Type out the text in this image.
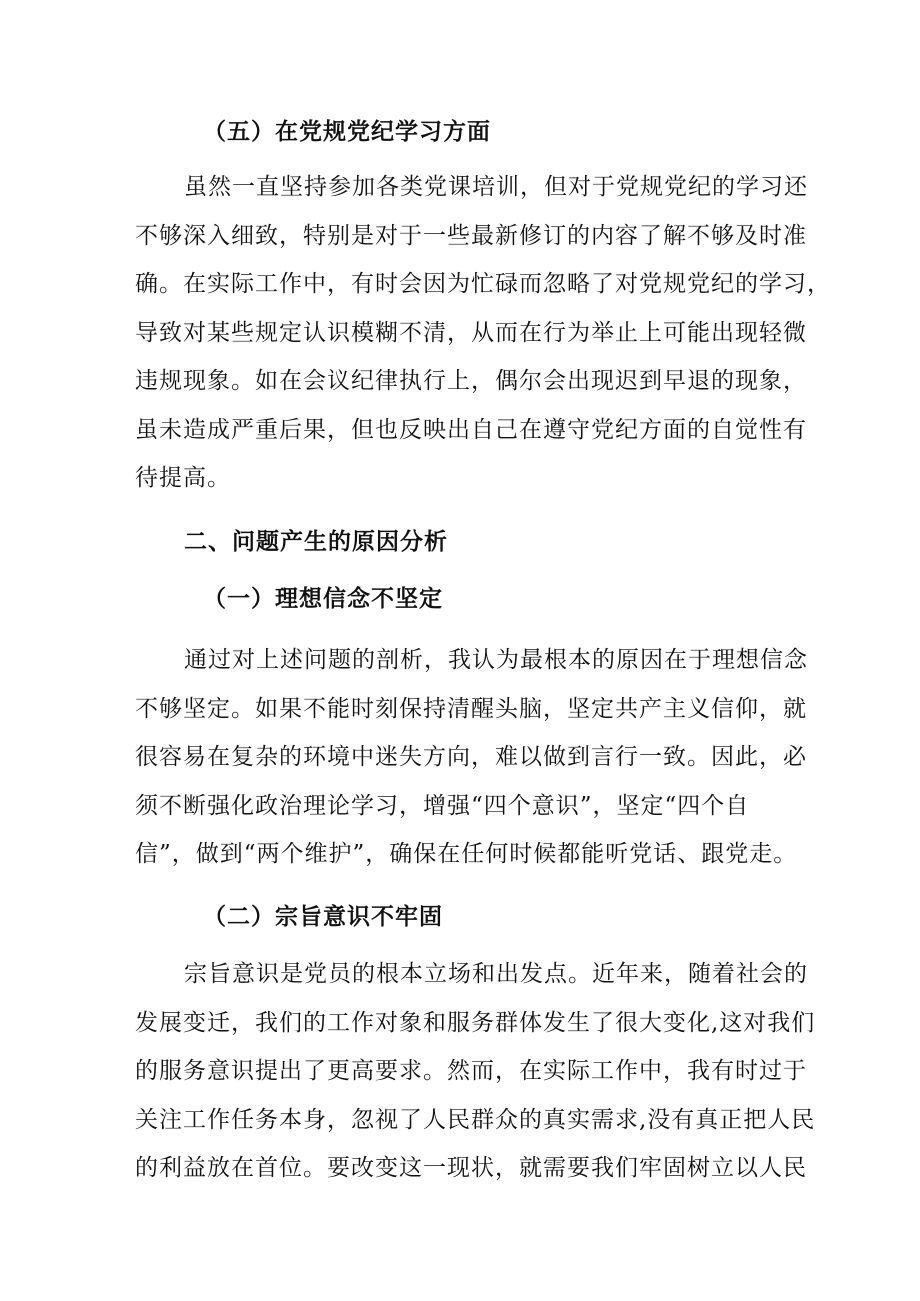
（五）在党规党纪学习方面
虽然一直坚持参加各类党课培训，但对于党规党纪的学习还
不够深入细致，特别是对于一些最新修订的内容了解不够及时准
确。在实际工作中，有时会因为忙碌而忽略了对党规党纪的学习，
导致对某些规定认识模糊不清，从而在行为举止上可能出现轻微
违规现象。如在会议纪律执行上，偶尔会出现迟到早退的现象，
虽未造成严重后果，但也反映出自己在遵守党纪方面的自觉性有
待提高。
二、问题产生的原因分析
（一）理想信念不坚定
通过对上述问题的剖析，我认为最根本的原因在于理想信念
不够坚定。如果不能时刻保持清醒头脑，坚定共产主义信仰，就
很容易在复杂的环境中迷失方向，难以做到言行一致。因此，必
须不断强化政治理论学习，增强“四个意识”，坚定“四个自
信”，做到“两个维护”，确保在任何时候都能听党话、跟党走。
（二）宗旨意识不牢固
宗旨意识是党员的根本立场和出发点。近年来，随着社会的
发展变迁，我们的工作对象和服务群体发生了很大变化,这对我们
的服务意识提出了更高要求。然而，在实际工作中，我有时过于
关注工作任务本身，忽视了人民群众的真实需求,没有真正把人民
的利益放在首位。要改变这一现状，就需要我们牢固树立以人民
